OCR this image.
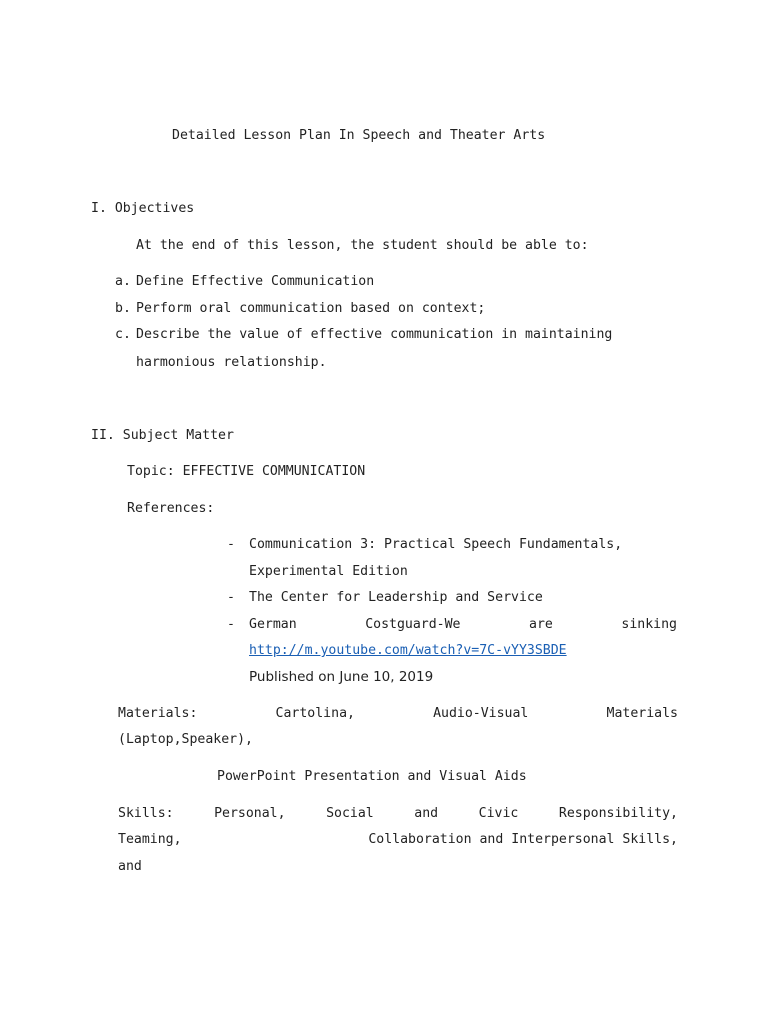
Detailed Lesson Plan In Speech and Theater Arts
I. Objectives
At the end of this lesson, the student should be able to:
a. Define Effective Communication
b. Perform oral communication based on context;
c. Describe the value of effective communication in maintaining
harmonious relationship.
II. Subject Matter
Topic: EFFECTIVE COMMUNICATION
References:
- Communication 3: Practical Speech Fundamentals,
Experimental Edition
- The Center for Leadership and Service
- German	Costguard-We	are	sinking
http://m.youtube.com/watch?v=7C-vYY3SBDE
Published on June 10, 2019
Materials:	Cartolina,	Audio-Visual	Materials
(Laptop,Speaker),
PowerPoint Presentation and Visual Aids
Skills:	Personal,	Social	and	Civic	Responsibility,
Teaming,	Collaboration and Interpersonal Skills,
and
